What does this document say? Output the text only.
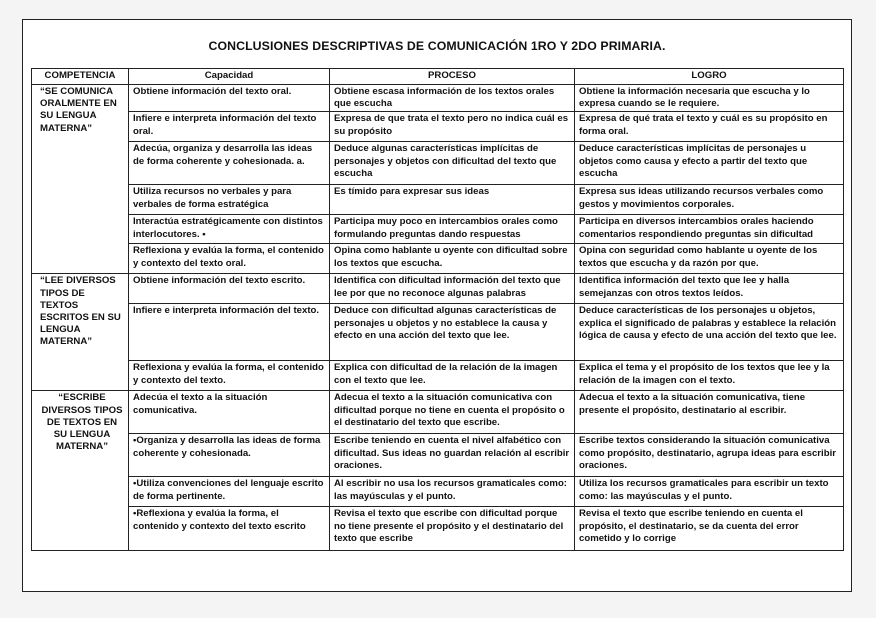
CONCLUSIONES DESCRIPTIVAS DE COMUNICACIÓN 1RO Y 2DO PRIMARIA.
COMPETENCIA	Capacidad	PROCESO	LOGRO
“SE COMUNICA ORALMENTE EN SU LENGUA MATERNA”	Obtiene información del texto oral.	Obtiene escasa información de los textos orales que escucha	Obtiene la información necesaria que escucha y lo expresa cuando se le requiere.
	Infiere e interpreta información del texto oral.	Expresa de que trata el texto pero no indica cuál es su propósito	Expresa de qué trata el texto y cuál es su propósito en forma oral.
	Adecúa, organiza y desarrolla las ideas de forma coherente y cohesionada. a.	Deduce algunas características implícitas de personajes y objetos con dificultad del texto que escucha	Deduce características implícitas de personajes u objetos como causa y efecto a partir del texto que escucha
	Utiliza recursos no verbales y para verbales de forma estratégica	Es tímido para expresar sus ideas	Expresa sus ideas utilizando recursos verbales como gestos y movimientos corporales.
	Interactúa estratégicamente con distintos interlocutores. •	Participa muy poco en intercambios orales como formulando preguntas dando respuestas	Participa en diversos intercambios orales haciendo comentarios respondiendo preguntas sin dificultad
	Reflexiona y evalúa la forma, el contenido y contexto del texto oral.	Opina como hablante u oyente con dificultad sobre los textos que escucha.	Opina con seguridad como hablante u oyente de los textos que escucha y da razón por que.
“LEE DIVERSOS TIPOS DE TEXTOS ESCRITOS EN SU LENGUA MATERNA”	Obtiene información del texto escrito.	Identifica con dificultad información del texto que lee por que no reconoce algunas palabras	Identifica información del texto que lee y halla semejanzas con otros textos leídos.
	Infiere e interpreta información del texto.	Deduce con dificultad algunas características de personajes u objetos y no establece la causa y efecto en una acción del texto que lee.	Deduce características de los personajes u objetos, explica el significado de palabras y establece la relación lógica de causa y efecto de una acción del texto que lee.
	Reflexiona y evalúa la forma, el contenido y contexto del texto.	Explica con dificultad de la relación de la imagen con el texto que lee.	Explica el tema y el propósito de los textos que lee y la relación de la imagen con el texto.
“ESCRIBE DIVERSOS TIPOS DE TEXTOS EN SU LENGUA MATERNA”	Adecúa el texto a la situación comunicativa.	Adecua el texto a la situación comunicativa con dificultad porque no tiene en cuenta el propósito o el destinatario del texto que escribe.	Adecua el texto a la situación comunicativa, tiene presente el propósito, destinatario al escribir.
	• Organiza y desarrolla las ideas de forma coherente y cohesionada.	Escribe teniendo en cuenta el nivel alfabético con dificultad. Sus ideas no guardan relación al escribir oraciones.	Escribe textos considerando la situación comunicativa como propósito, destinatario, agrupa ideas para escribir oraciones.
	• Utiliza convenciones del lenguaje escrito de forma pertinente.	Al escribir no usa los recursos gramaticales como: las mayúsculas y el punto.	Utiliza los recursos gramaticales para escribir un texto como: las mayúsculas y el punto.
	• Reflexiona y evalúa la forma, el contenido y contexto del texto escrito	Revisa el texto que escribe con dificultad porque no tiene presente el propósito y el destinatario del texto que escribe	Revisa el texto que escribe teniendo en cuenta el propósito, el destinatario, se da cuenta del error cometido y lo corrige
